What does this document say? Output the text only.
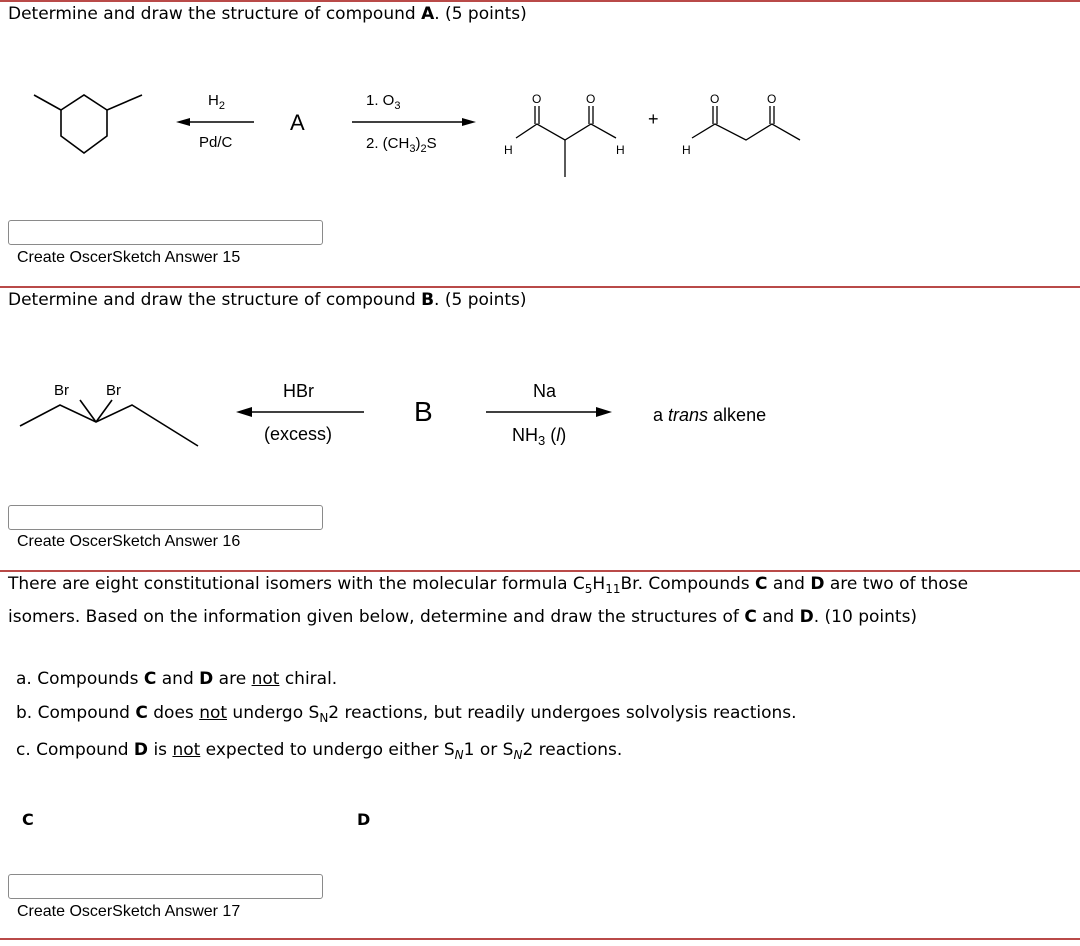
Determine and draw the structure of compound A. (5 points)
$H_2$
Pd/C
A
1. $O_3$
2. $(CH_3)_2S$
O	O
H	H
+
O	O
H
Create OscerSketch Answer 15
Determine and draw the structure of compound B. (5 points)
Br Br	HBr
(excess)
B
Na
$NH_3$ (l)
a trans alkene
Create OscerSketch Answer 16
There are eight constitutional isomers with the molecular formula $C_5H_{11}Br$. Compounds C and D are two of those
isomers. Based on the information given below, determine and draw the structures of C and D. (10 points)
a. Compounds C and D are not chiral.
b. Compound C does not undergo $S_N2$ reactions, but readily undergoes solvolysis reactions.
c. Compound D is not expected to undergo either $S_N1$ or $S_N2$ reactions.
C	D
Create OscerSketch Answer 17
